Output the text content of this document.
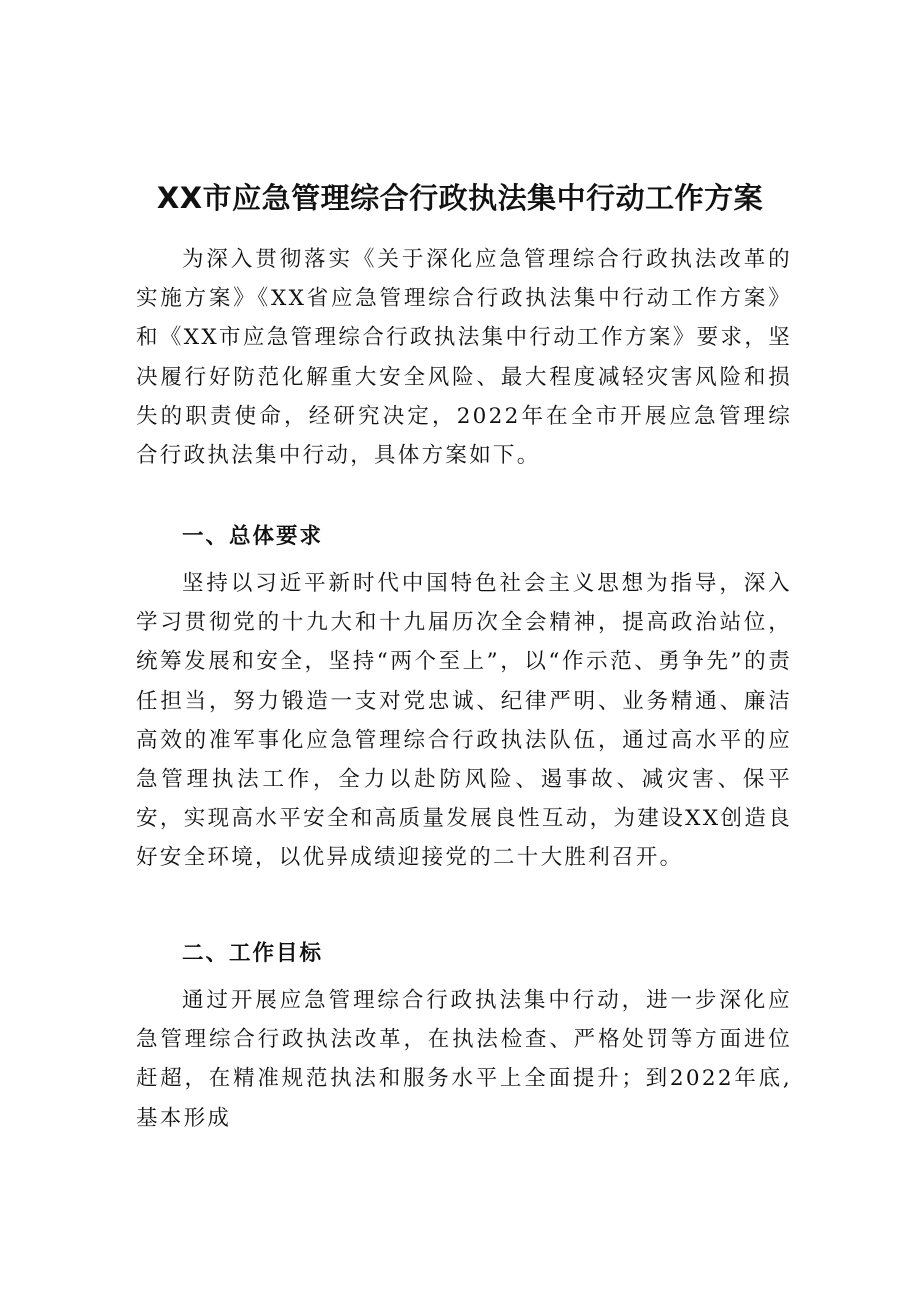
XX市应急管理综合行政执法集中行动工作方案

为深入贯彻落实《关于深化应急管理综合行政执法改革的实施方案》《XX省应急管理综合行政执法集中行动工作方案》和《XX市应急管理综合行政执法集中行动工作方案》要求，坚决履行好防范化解重大安全风险、最大程度减轻灾害风险和损失的职责使命，经研究决定，2022年在全市开展应急管理综合行政执法集中行动，具体方案如下。

一、总体要求

坚持以习近平新时代中国特色社会主义思想为指导，深入学习贯彻党的十九大和十九届历次全会精神，提高政治站位，统筹发展和安全，坚持“两个至上”，以“作示范、勇争先”的责任担当，努力锻造一支对党忠诚、纪律严明、业务精通、廉洁高效的准军事化应急管理综合行政执法队伍，通过高水平的应急管理执法工作，全力以赴防风险、遏事故、减灾害、保平安，实现高水平安全和高质量发展良性互动，为建设XX创造良好安全环境，以优异成绩迎接党的二十大胜利召开。

二、工作目标

通过开展应急管理综合行政执法集中行动，进一步深化应急管理综合行政执法改革，在执法检查、严格处罚等方面进位赶超，在精准规范执法和服务水平上全面提升；到2022年底,基本形成
